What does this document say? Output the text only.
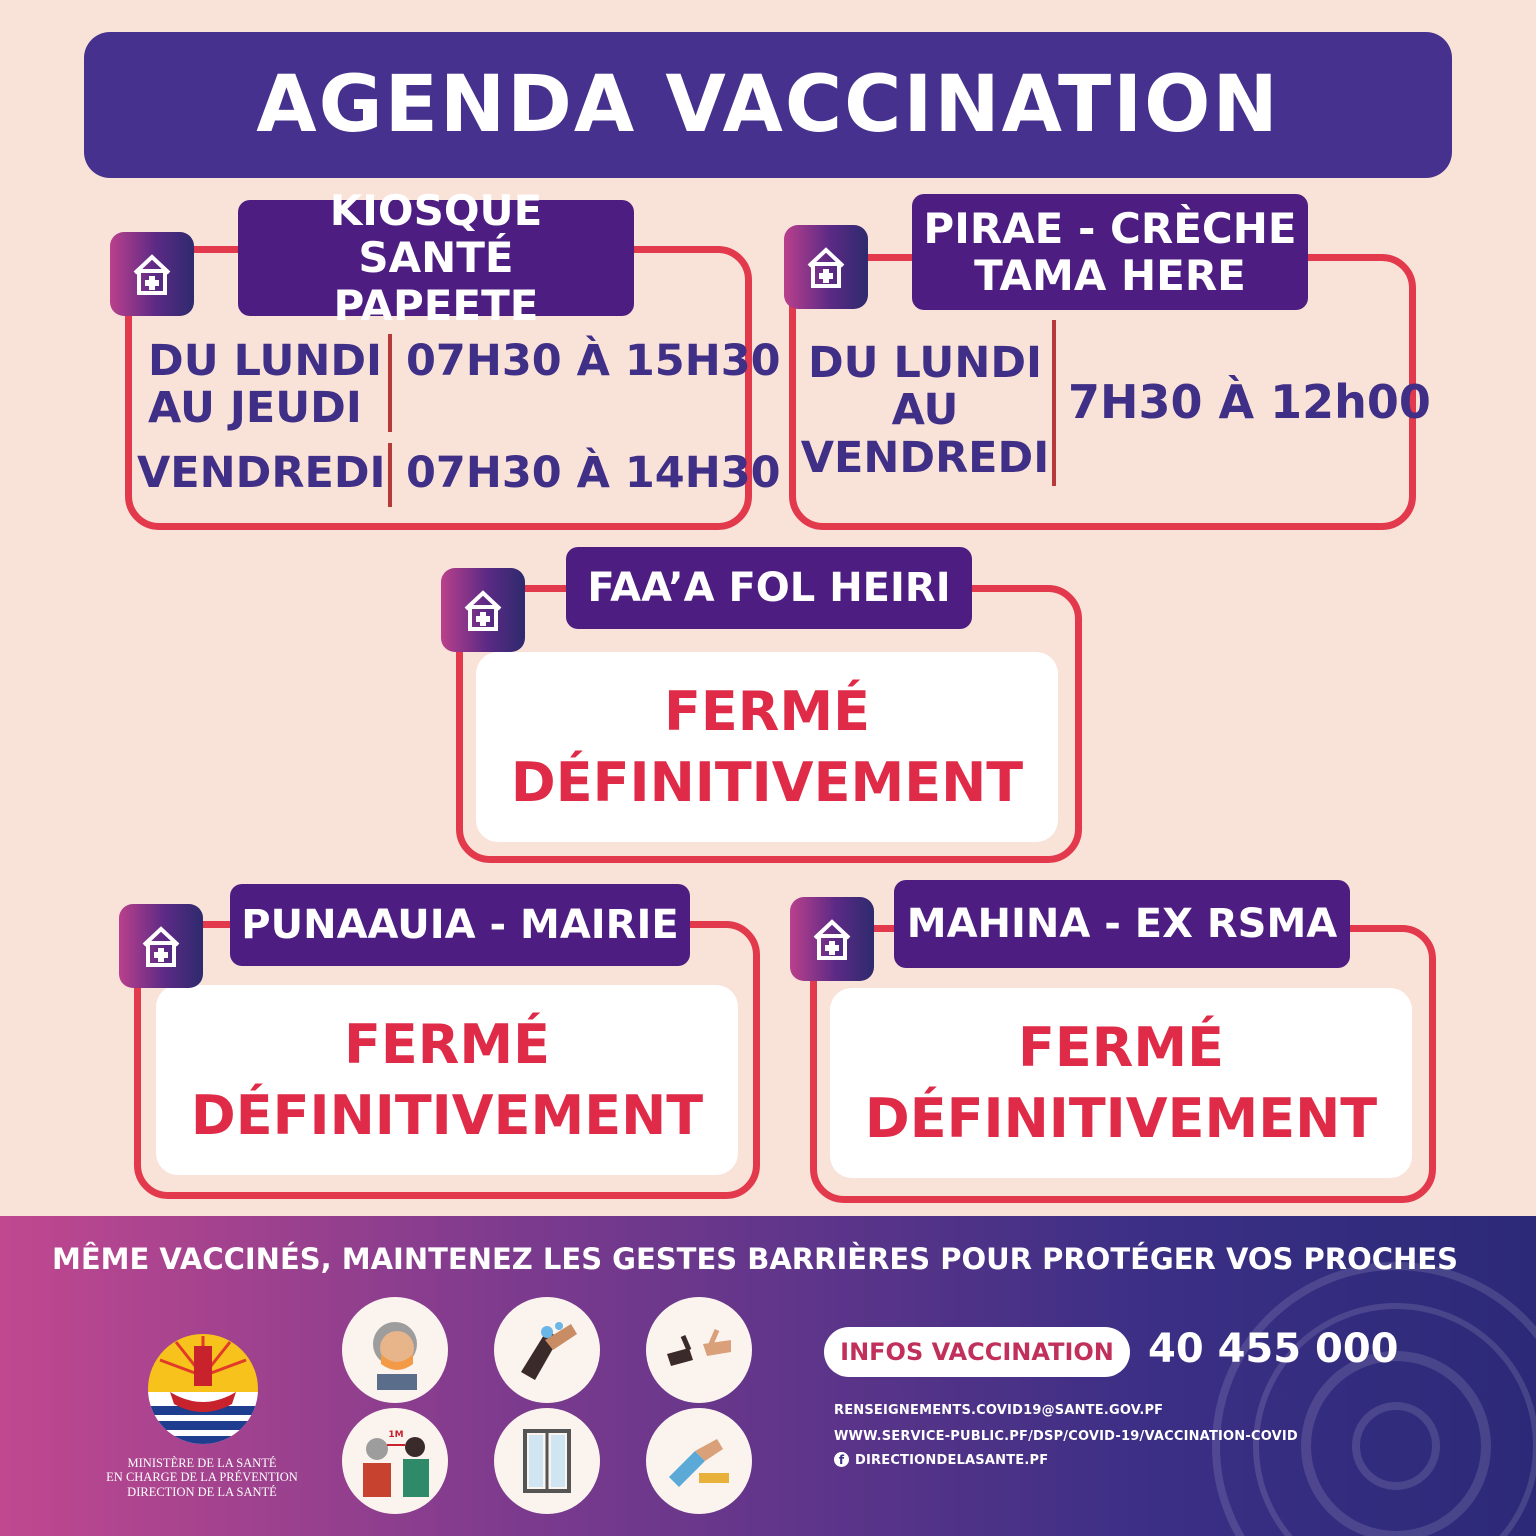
AGENDA VACCINATION
KIOSQUE SANTÉ
PAPEETE
DU LUNDI
AU JEUDI
07H30 À 15H30
VENDREDI 07H30 À 14H30
PIRAE - CRÈCHE
TAMA HERE
DU LUNDI
AU
VENDREDI
7H30 À 12h00
FERMÉ
DÉFINITIVEMENT
FAA’A FOL HEIRI
FERMÉ
DÉFINITIVEMENT
PUNAAUIA - MAIRIE
FERMÉ
DÉFINITIVEMENT
MAHINA - EX RSMA
MÊME VACCINÉS, MAINTENEZ LES GESTES BARRIÈRES POUR PROTÉGER VOS PROCHES
MINISTÈRE DE LA SANTÉ
EN CHARGE DE LA PRÉVENTION
DIRECTION DE LA SANTÉ
1M
INFOS VACCINATION 40 455 000
RENSEIGNEMENTS.COVID19@SANTE.GOV.PF
WWW.SERVICE-PUBLIC.PF/DSP/COVID-19/VACCINATION-COVID
f DIRECTIONDELASANTE.PF
